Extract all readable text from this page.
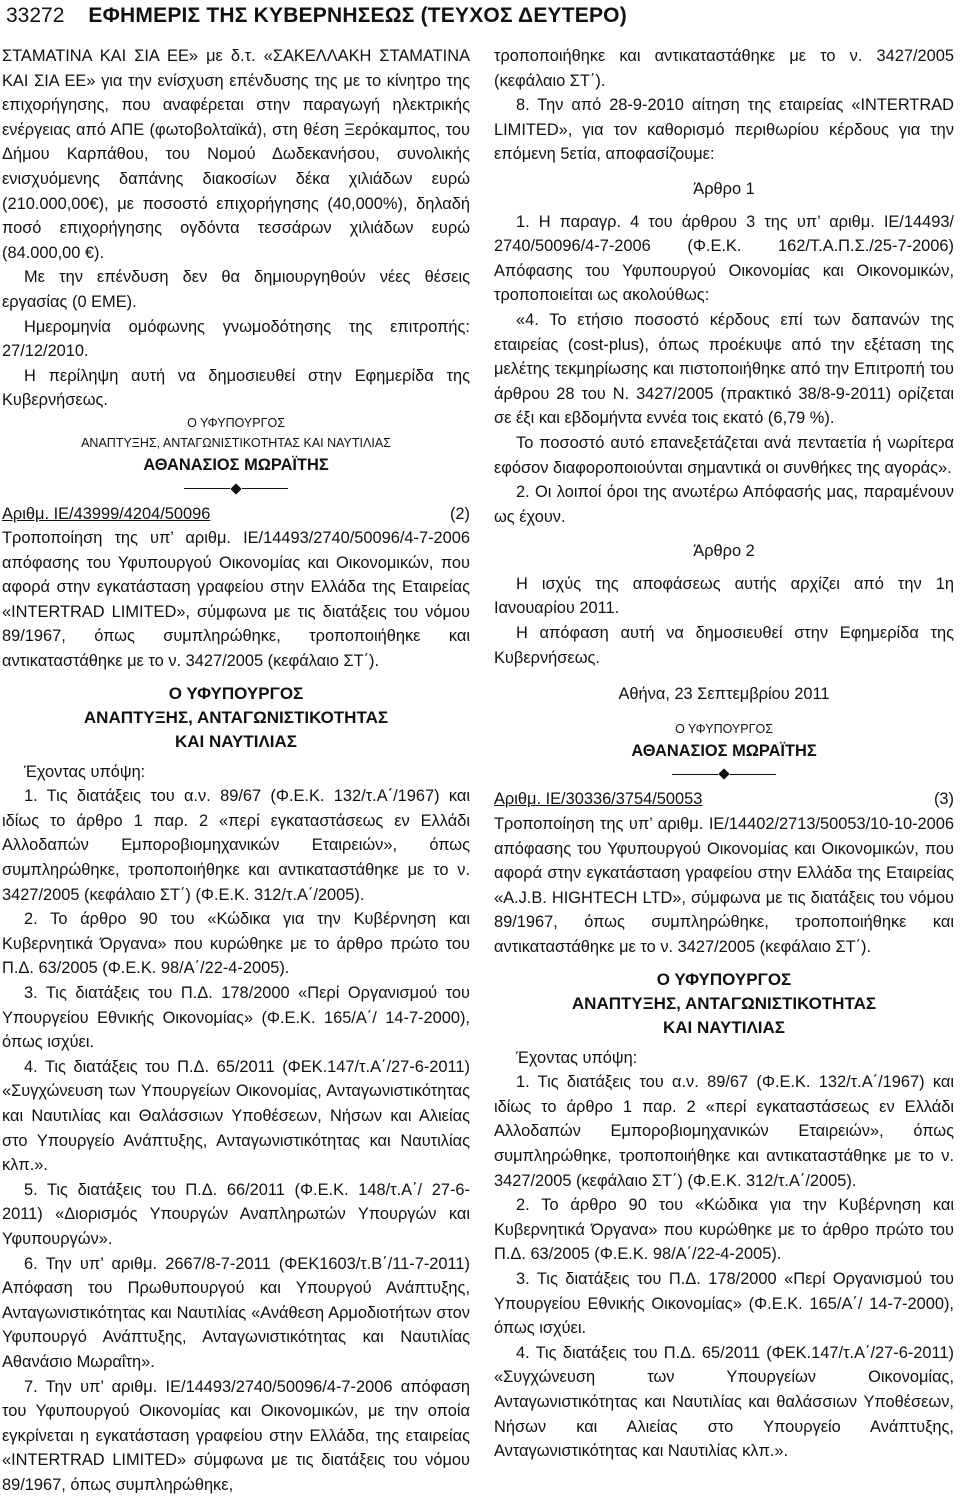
33272 ΕΦΗΜΕΡΙΣ ΤΗΣ ΚΥΒΕΡΝΗΣΕΩΣ (ΤΕΥΧΟΣ ΔΕΥΤΕΡΟ)

ΣΤΑΜΑΤΙΝΑ ΚΑΙ ΣΙΑ ΕΕ» με δ.τ. «ΣΑΚΕΛΛΑΚΗ ΣΤΑΜΑΤΙΝΑ ΚΑΙ ΣΙΑ ΕΕ» για την ενίσχυση επένδυσης της με το κίνητρο της επιχορήγησης, που αναφέρεται στην παραγωγή ηλεκτρικής ενέργειας από ΑΠΕ (φωτοβολταϊκά), στη θέση Ξερόκαμπος, του Δήμου Καρπάθου, του Νομού Δωδεκανήσου, συνολικής ενισχυόμενης δαπάνης διακοσίων δέκα χιλιάδων ευρώ (210.000,00€), με ποσοστό επιχορήγησης (40,000%), δηλαδή ποσό επιχορήγησης ογδόντα τεσσάρων χιλιάδων ευρώ (84.000,00 €).

Με την επένδυση δεν θα δημιουργηθούν νέες θέσεις εργασίας (0 ΕΜΕ).

Ημερομηνία ομόφωνης γνωμοδότησης της επιτροπής: 27/12/2010.

Η περίληψη αυτή να δημοσιευθεί στην Εφημερίδα της Κυβερνήσεως.

Ο ΥΦΥΠΟΥΡΓΟΣ

ΑΝΑΠΤΥΞΗΣ, ΑΝΤΑΓΩΝΙΣΤΙΚΟΤΗΤΑΣ ΚΑΙ ΝΑΥΤΙΛΙΑΣ

ΑΘΑΝΑΣΙΟΣ ΜΩΡΑΪΤΗΣ

Αριθμ. ΙΕ/43999/4204/50096	(2)

Τροποποίηση της υπ’ αριθμ. ΙΕ/14493/2740/50096/4-7-2006 απόφασης του Υφυπουργού Οικονομίας και Οικονομικών, που αφορά στην εγκατάσταση γραφείου στην Ελλάδα της Εταιρείας «INTERTRAD LIMITED», σύμφωνα με τις διατάξεις του νόμου 89/1967, όπως συμπληρώθηκε, τροποποιήθηκε και αντικαταστάθηκε με το ν. 3427/2005 (κεφάλαιο ΣΤ΄).

Ο ΥΦΥΠΟΥΡΓΟΣ
ΑΝΑΠΤΥΞΗΣ, ΑΝΤΑΓΩΝΙΣΤΙΚΟΤΗΤΑΣ
ΚΑΙ ΝΑΥΤΙΛΙΑΣ

Έχοντας υπόψη:

1. Τις διατάξεις του α.ν. 89/67 (Φ.Ε.Κ. 132/τ.Α΄/1967) και ιδίως το άρθρο 1 παρ. 2 «περί εγκαταστάσεως εν Ελλάδι Αλλοδαπών Εμποροβιομηχανικών Εταιρειών», όπως συμπληρώθηκε, τροποποιήθηκε και αντικαταστάθηκε με το ν. 3427/2005 (κεφάλαιο ΣΤ΄) (Φ.Ε.Κ. 312/τ.Α΄/2005).

2. Το άρθρο 90 του «Κώδικα για την Κυβέρνηση και Κυβερνητικά Όργανα» που κυρώθηκε με το άρθρο πρώτο του Π.Δ. 63/2005 (Φ.Ε.Κ. 98/Α΄/22-4-2005).

3. Τις διατάξεις του Π.Δ. 178/2000 «Περί Οργανισμού του Υπουργείου Εθνικής Οικονομίας» (Φ.Ε.Κ. 165/Α΄/ 14-7-2000), όπως ισχύει.

4. Τις διατάξεις του Π.Δ. 65/2011 (ΦΕΚ.147/τ.Α΄/27-6-2011) «Συγχώνευση των Υπουργείων Οικονομίας, Ανταγωνιστικότητας και Ναυτιλίας και Θαλάσσιων Υποθέσεων, Νήσων και Αλιείας στο Υπουργείο Ανάπτυξης, Ανταγωνιστικότητας και Ναυτιλίας κλπ.».

5. Τις διατάξεις του Π.Δ. 66/2011 (Φ.Ε.Κ. 148/τ.Α΄/ 27-6-2011) «Διορισμός Υπουργών Αναπληρωτών Υπουργών και Υφυπουργών».

6. Την υπ’ αριθμ. 2667/8-7-2011 (ΦΕΚ1603/τ.Β΄/11-7-2011) Απόφαση του Πρωθυπουργού και Υπουργού Ανάπτυξης, Ανταγωνιστικότητας και Ναυτιλίας «Ανάθεση Αρμοδιοτήτων στον Υφυπουργό Ανάπτυξης, Ανταγωνιστικότητας και Ναυτιλίας Αθανάσιο Μωραΐτη».

7. Την υπ’ αριθμ. ΙΕ/14493/2740/50096/4-7-2006 απόφαση του Υφυπουργού Οικονομίας και Οικονομικών, με την οποία εγκρίνεται η εγκατάσταση γραφείου στην Ελλάδα, της εταιρείας «INTERTRAD LIMITED» σύμφωνα με τις διατάξεις του νόμου 89/1967, όπως συμπληρώθηκε,

τροποποιήθηκε και αντικαταστάθηκε με το ν. 3427/2005 (κεφάλαιο ΣΤ΄).

8. Την από 28-9-2010 αίτηση της εταιρείας «INTERTRAD LIMITED», για τον καθορισμό περιθωρίου κέρδους για την επόμενη 5ετία, αποφασίζουμε:

Άρθρο 1

1. Η παραγρ. 4 του άρθρου 3 της υπ’ αριθμ. ΙΕ/14493/ 2740/50096/4-7-2006 (Φ.Ε.Κ. 162/Τ.Α.Π.Σ./25-7-2006) Απόφασης του Υφυπουργού Οικονομίας και Οικονομικών, τροποποιείται ως ακολούθως:

«4. Το ετήσιο ποσοστό κέρδους επί των δαπανών της εταιρείας (cost-plus), όπως προέκυψε από την εξέταση της μελέτης τεκμηρίωσης και πιστοποιήθηκε από την Επιτροπή του άρθρου 28 του Ν. 3427/2005 (πρακτικό 38/8-9-2011) ορίζεται σε έξι και εβδομήντα εννέα τοις εκατό (6,79 %).

Το ποσοστό αυτό επανεξετάζεται ανά πενταετία ή νωρίτερα εφόσον διαφοροποιούνται σημαντικά οι συνθήκες της αγοράς».

2. Οι λοιποί όροι της ανωτέρω Απόφασής μας, παραμένουν ως έχουν.

Άρθρο 2

Η ισχύς της αποφάσεως αυτής αρχίζει από την 1η Ιανουαρίου 2011.

Η απόφαση αυτή να δημοσιευθεί στην Εφημερίδα της Κυβερνήσεως.

Αθήνα, 23 Σεπτεμβρίου 2011

Ο ΥΦΥΠΟΥΡΓΟΣ

ΑΘΑΝΑΣΙΟΣ ΜΩΡΑΪΤΗΣ

Αριθμ. ΙΕ/30336/3754/50053	(3)

Τροποποίηση της υπ’ αριθμ. ΙΕ/14402/2713/50053/10-10-2006 απόφασης του Υφυπουργού Οικονομίας και Οικονομικών, που αφορά στην εγκατάσταση γραφείου στην Ελλάδα της Εταιρείας «A.J.B. HIGHTECH LTD», σύμφωνα με τις διατάξεις του νόμου 89/1967, όπως συμπληρώθηκε, τροποποιήθηκε και αντικαταστάθηκε με το ν. 3427/2005 (κεφάλαιο ΣΤ΄).

Ο ΥΦΥΠΟΥΡΓΟΣ
ΑΝΑΠΤΥΞΗΣ, ΑΝΤΑΓΩΝΙΣΤΙΚΟΤΗΤΑΣ
ΚΑΙ ΝΑΥΤΙΛΙΑΣ

Έχοντας υπόψη:

1. Τις διατάξεις του α.ν. 89/67 (Φ.Ε.Κ. 132/τ.Α΄/1967) και ιδίως το άρθρο 1 παρ. 2 «περί εγκαταστάσεως εν Ελλάδι Αλλοδαπών Εμποροβιομηχανικών Εταιρειών», όπως συμπληρώθηκε, τροποποιήθηκε και αντικαταστάθηκε με το ν. 3427/2005 (κεφάλαιο ΣΤ΄) (Φ.Ε.Κ. 312/τ.Α΄/2005).

2. Το άρθρο 90 του «Κώδικα για την Κυβέρνηση και Κυβερνητικά Όργανα» που κυρώθηκε με το άρθρο πρώτο του Π.Δ. 63/2005 (Φ.Ε.Κ. 98/Α΄/22-4-2005).

3. Τις διατάξεις του Π.Δ. 178/2000 «Περί Οργανισμού του Υπουργείου Εθνικής Οικονομίας» (Φ.Ε.Κ. 165/Α΄/ 14-7-2000), όπως ισχύει.

4. Τις διατάξεις του Π.Δ. 65/2011 (ΦΕΚ.147/τ.Α΄/27-6-2011) «Συγχώνευση των Υπουργείων Οικονομίας, Ανταγωνιστικότητας και Ναυτιλίας και θαλάσσιων Υποθέσεων, Νήσων και Αλιείας στο Υπουργείο Ανάπτυξης, Ανταγωνιστικότητας και Ναυτιλίας κλπ.».
